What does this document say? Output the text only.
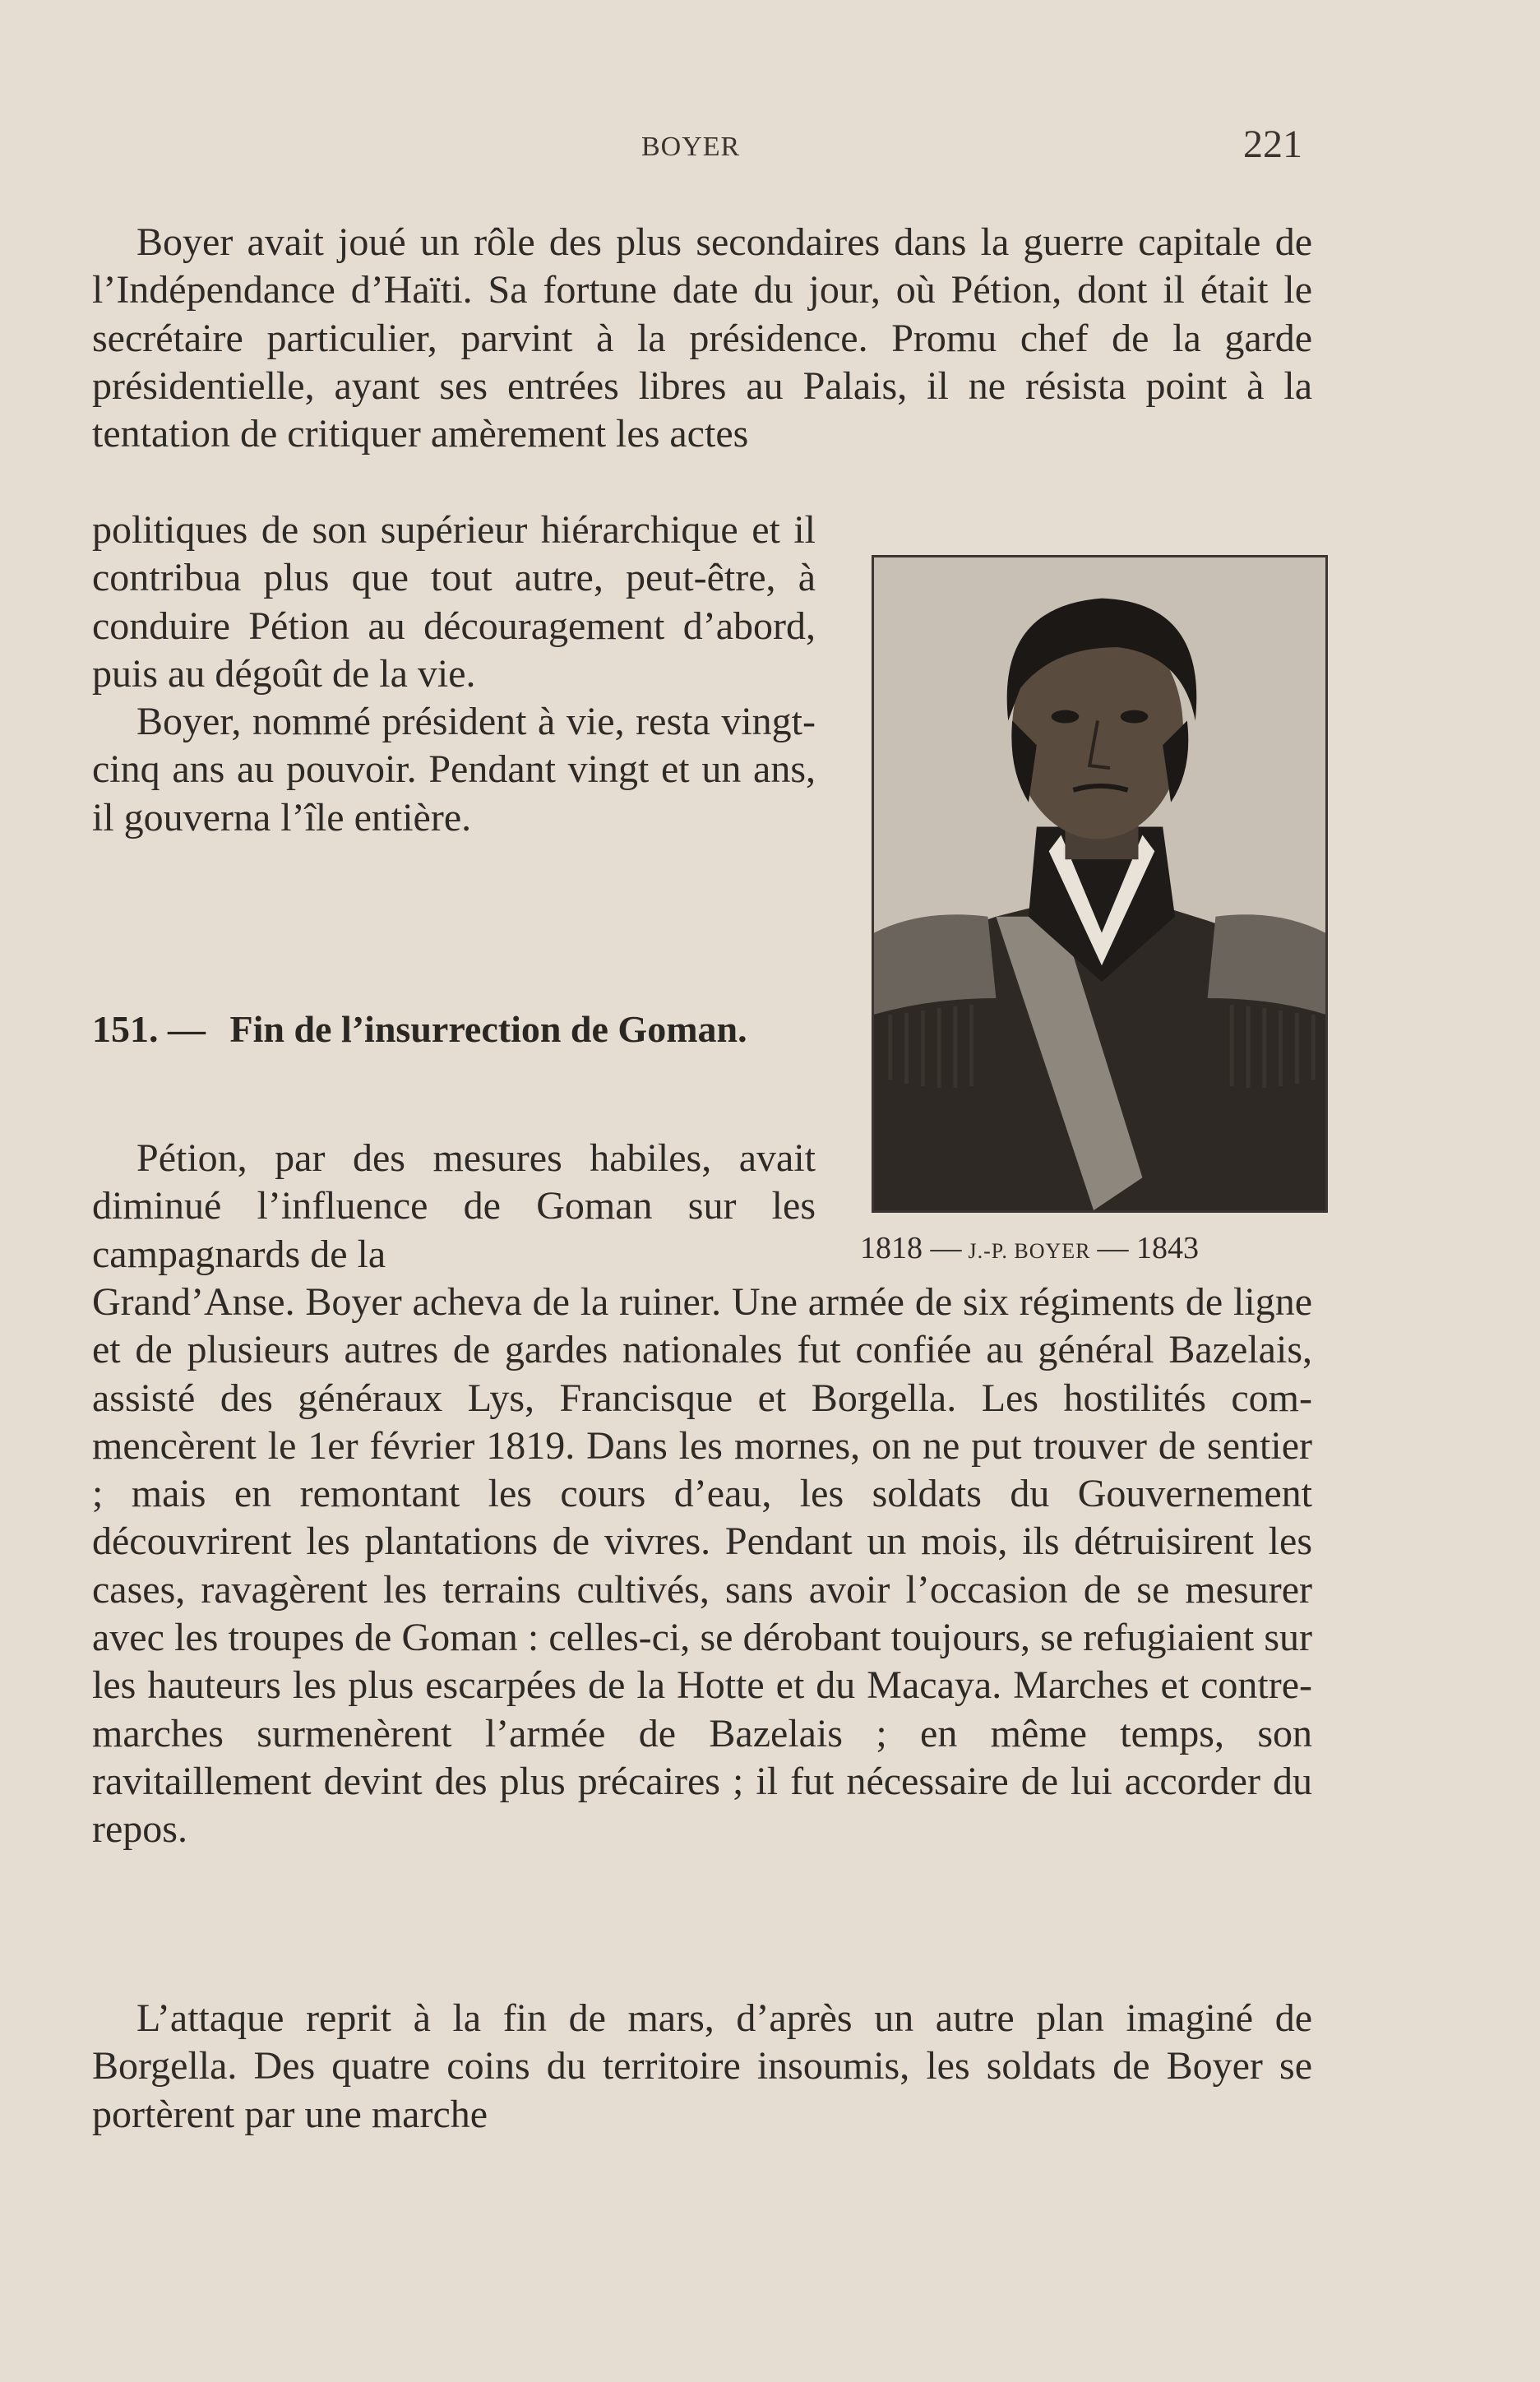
BOYER	221

Boyer avait joué un rôle des plus secondaires dans la guerre capitale de l’Indépendance d’Haïti. Sa fortune date du jour, où Pétion, dont il était le secrétaire particulier, parvint à la présidence. Promu chef de la garde présidentielle, ayant ses entrées libres au Palais, il ne résista point à la tentation de critiquer amèrement les actes

politiques de son supérieur hiérarchique et il contribua plus que tout autre, peut-être, à conduire Pétion au découragement d’abord, puis au dégoût de la vie.

Boyer, nommé président à vie, resta vingt-cinq ans au pouvoir. Pendant vingt et un ans, il gouverna l’île entière.

151. — Fin de l’insurrection de Goman.

Pétion, par des mesures habiles, avait diminué l’influence de Goman sur les campagnards de la

Grand’Anse. Boyer acheva de la ruiner. Une armée de six régiments de ligne et de plusieurs autres de gardes nationales fut confiée au général Bazelais, assisté des généraux Lys, Francisque et Borgella. Les hostilités commencèrent le 1er février 1819. Dans les mornes, on ne put trouver de sentier ; mais en remontant les cours d’eau, les soldats du Gouvernement découvrirent les plantations de vivres. Pendant un mois, ils détruisirent les cases, ravagèrent les terrains cultivés, sans avoir l’occasion de se mesurer avec les troupes de Goman : celles-ci, se dérobant toujours, se refugiaient sur les hauteurs les plus escarpées de la Hotte et du Macaya. Marches et contremarches surmenèrent l’armée de Bazelais ; en même temps, son ravitaillement devint des plus précaires ; il fut nécessaire de lui accorder du repos.

L’attaque reprit à la fin de mars, d’après un autre plan imaginé de Borgella. Des quatre coins du territoire insoumis, les soldats de Boyer se portèrent par une marche

1818 — J.-P. BOYER — 1843
